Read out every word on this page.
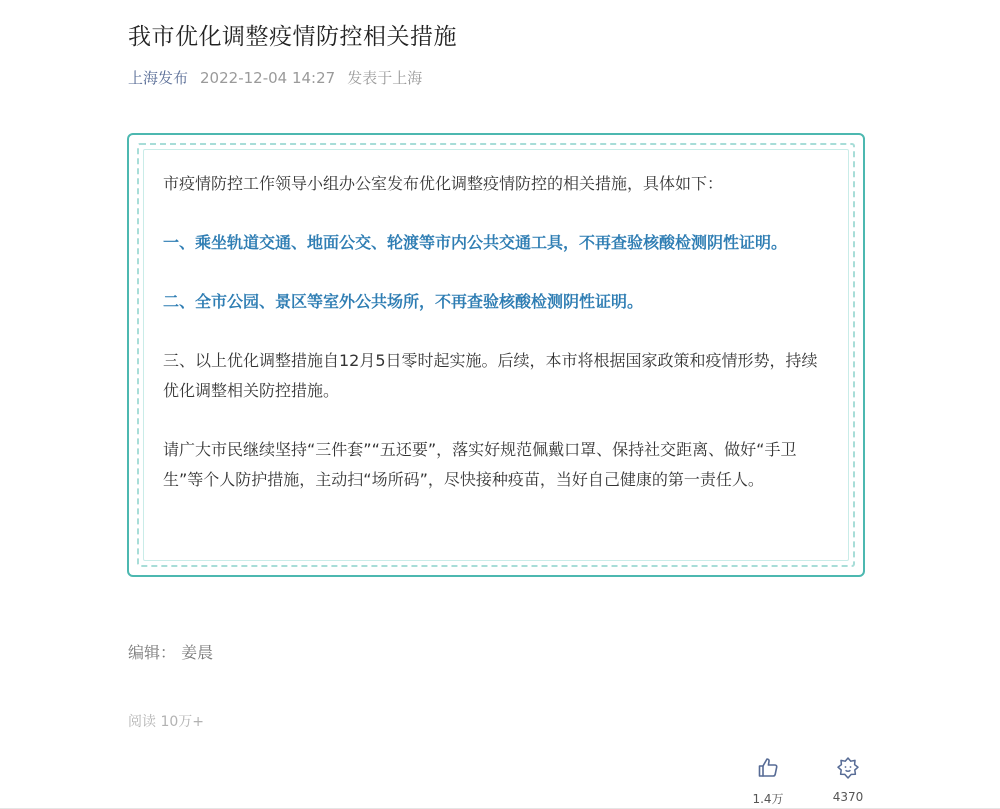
我市优化调整疫情防控相关措施
上海发布 2022-12-04 14:27 发表于上海

市疫情防控工作领导小组办公室发布优化调整疫情防控的相关措施，具体如下：

一、乘坐轨道交通、地面公交、轮渡等市内公共交通工具，不再查验核酸检测阴性证明。

二、全市公园、景区等室外公共场所，不再查验核酸检测阴性证明。

三、以上优化调整措施自12月5日零时起实施。后续，本市将根据国家政策和疫情形势，持续优化调整相关防控措施。

请广大市民继续坚持“三件套”“五还要”，落实好规范佩戴口罩、保持社交距离、做好“手卫生”等个人防护措施，主动扫“场所码”，尽快接种疫苗，当好自己健康的第一责任人。

编辑： 姜晨
阅读 10万+
1.4万	4370
